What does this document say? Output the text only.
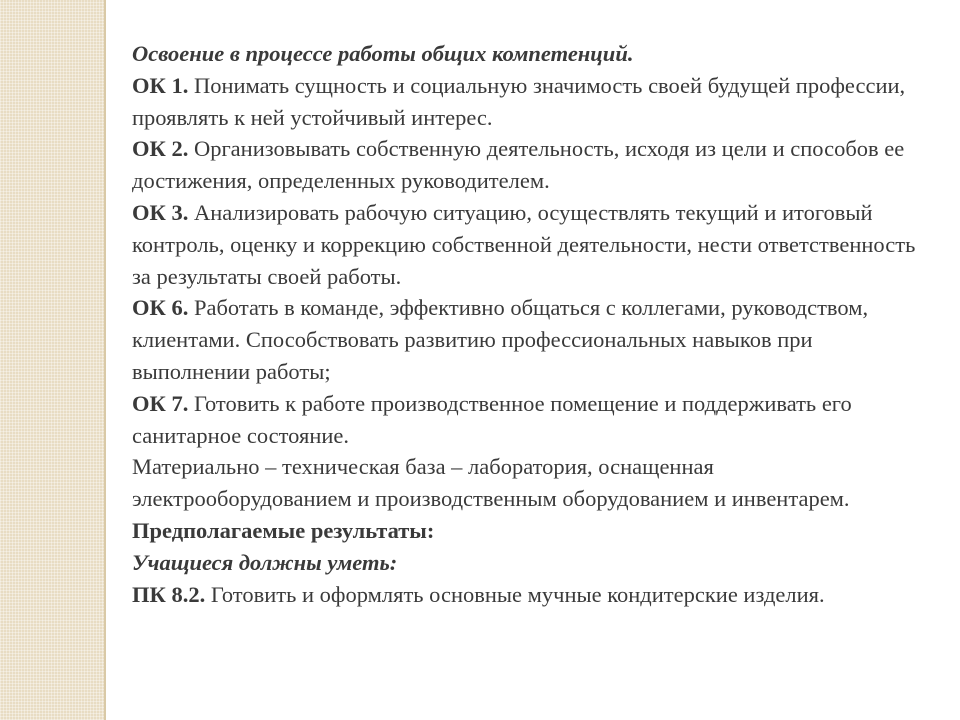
Освоение в процессе работы общих компетенций.

ОК 1. Понимать сущность и социальную значимость своей будущей профессии, проявлять к ней устойчивый интерес.

ОК 2. Организовывать собственную деятельность, исходя из цели и способов ее достижения, определенных руководителем.

ОК 3. Анализировать рабочую ситуацию, осуществлять текущий и итоговый контроль, оценку и коррекцию собственной деятельности, нести ответственность за результаты своей работы.

ОК 6. Работать в команде, эффективно общаться с коллегами, руководством, клиентами. Способствовать развитию профессиональных навыков при выполнении работы;

ОК 7. Готовить к работе производственное помещение и поддерживать его санитарное состояние.

Материально – техническая база – лаборатория, оснащенная электрооборудованием и производственным оборудованием и инвентарем.

Предполагаемые результаты:

Учащиеся должны уметь:

ПК 8.2. Готовить и оформлять основные мучные кондитерские изделия.
